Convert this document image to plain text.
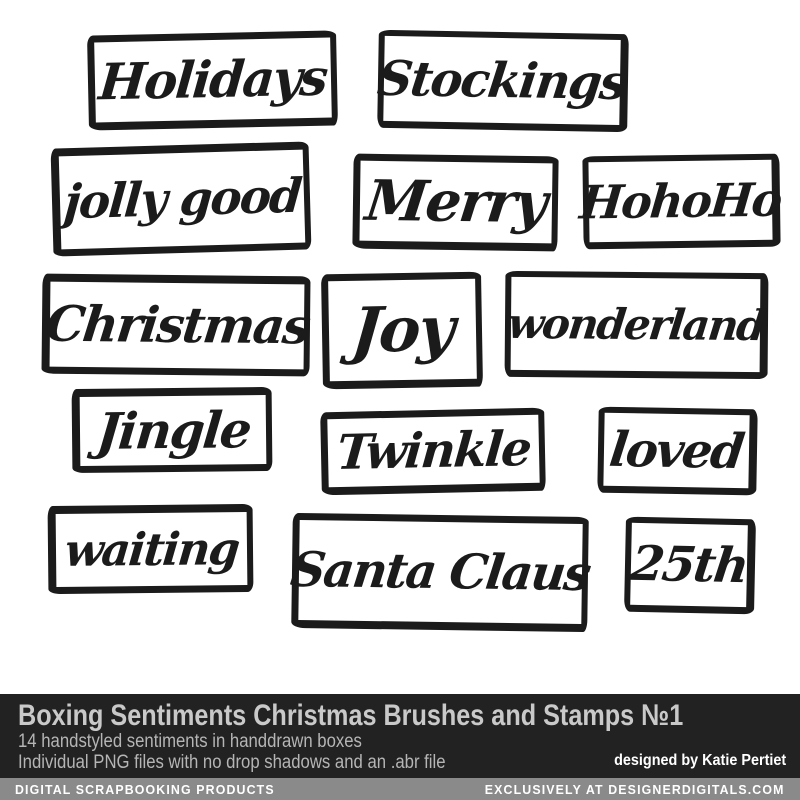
Holidays Stockings
jolly good Merry HohoHo
Christmas Joy wonderland
Jingle Twinkle loved
waiting Santa Claus 25th
Boxing Sentiments Christmas Brushes and Stamps №1
14 handstyled sentiments in handdrawn boxes
Individual PNG files with no drop shadows and an .abr file	designed by Katie Pertiet
DIGITAL SCRAPBOOKING PRODUCTS	EXCLUSIVELY AT DESIGNERDIGITALS.COM
